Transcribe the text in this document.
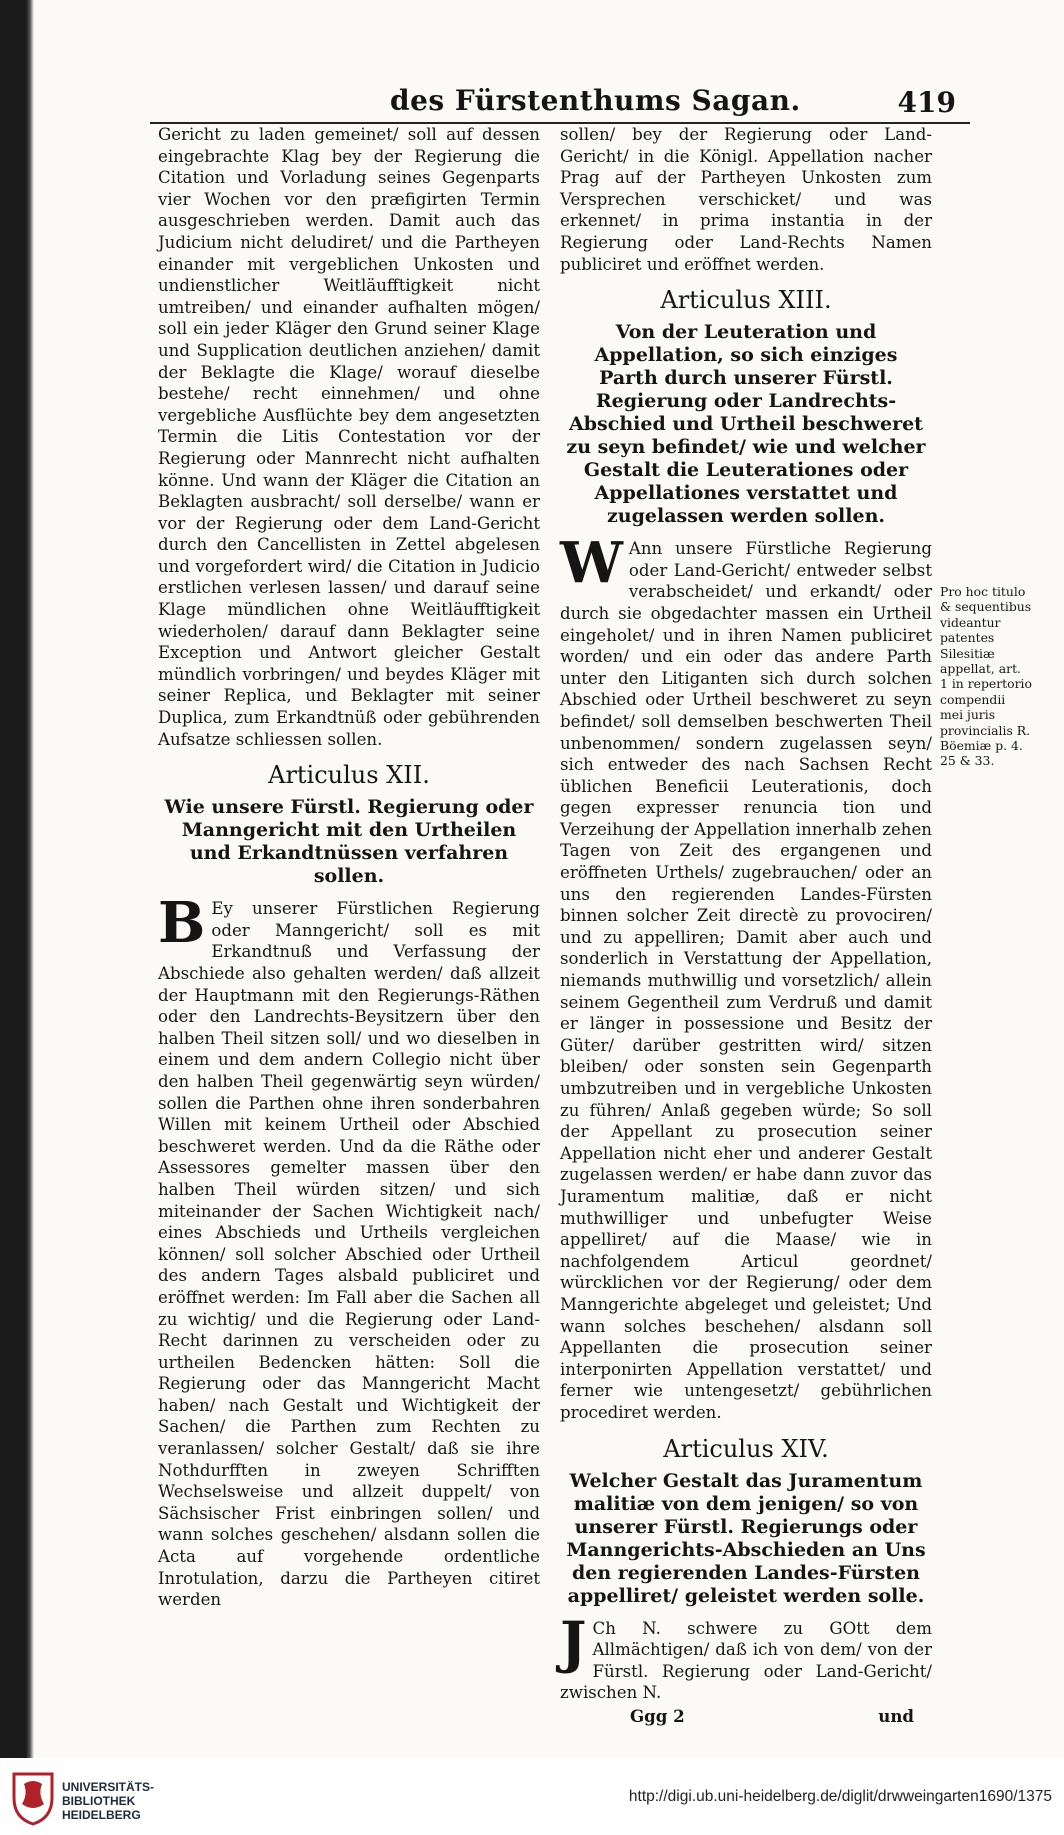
des Fürstenthums Sagan.	419

Gericht zu laden gemeinet/ soll auf dessen eingebrachte Klag bey der Regierung die Citation und Vorladung seines Gegenparts vier Wochen vor den præfigirten Termin ausgeschrieben werden. Damit auch das Judicium nicht deludiret/ und die Partheyen einander mit vergeblichen Unkosten und undienstlicher Weitläufftigkeit nicht umtreiben/ und einander aufhalten mögen/ soll ein jeder Kläger den Grund seiner Klage und Supplication deutlichen anziehen/ damit der Beklagte die Klage/ worauf dieselbe bestehe/ recht einnehmen/ und ohne vergebliche Ausflüchte bey dem angesetzten Termin die Litis Contestation vor der Regierung oder Mannrecht nicht aufhalten könne. Und wann der Kläger die Citation an Beklagten ausbracht/ soll derselbe/ wann er vor der Regierung oder dem Land-Gericht durch den Cancellisten in Zettel abgelesen und vorgefordert wird/ die Citation in Judicio erstlichen verlesen lassen/ und darauf seine Klage mündlichen ohne Weitläufftigkeit wiederholen/ darauf dann Beklagter seine Exception und Antwort gleicher Gestalt mündlich vorbringen/ und beydes Kläger mit seiner Replica, und Beklagter mit seiner Duplica, zum Erkandtnüß oder gebührenden Aufsatze schliessen sollen.

Articulus XII.
Wie unsere Fürstl. Regierung oder Manngericht mit den Urtheilen und Erkandtnüssen verfahren sollen.

B Ey unserer Fürstlichen Regierung oder Manngericht/ soll es mit Erkandtnuß und Verfassung der Abschiede also gehalten werden/ daß allzeit der Hauptmann mit den Regierungs-Räthen oder den Landrechts-Beysitzern über den halben Theil sitzen soll/ und wo dieselben in einem und dem andern Collegio nicht über den halben Theil gegenwärtig seyn würden/ sollen die Parthen ohne ihren sonderbahren Willen mit keinem Urtheil oder Abschied beschweret werden. Und da die Räthe oder Assessores gemelter massen über den halben Theil würden sitzen/ und sich miteinander der Sachen Wichtigkeit nach/ eines Abschieds und Urtheils vergleichen können/ soll solcher Abschied oder Urtheil des andern Tages alsbald publiciret und eröffnet werden: Im Fall aber die Sachen all zu wichtig/ und die Regierung oder Land-Recht darinnen zu verscheiden oder zu urtheilen Bedencken hätten: Soll die Regierung oder das Manngericht Macht haben/ nach Gestalt und Wichtigkeit der Sachen/ die Parthen zum Rechten zu veranlassen/ solcher Gestalt/ daß sie ihre Nothdurfften in zweyen Schrifften Wechselsweise und allzeit duppelt/ von Sächsischer Frist einbringen sollen/ und wann solches geschehen/ alsdann sollen die Acta auf vorgehende ordentliche Inrotulation, darzu die Partheyen citiret werden

sollen/ bey der Regierung oder Land-Gericht/ in die Königl. Appellation nacher Prag auf der Partheyen Unkosten zum Versprechen verschicket/ und was erkennet/ in prima instantia in der Regierung oder Land-Rechts Namen publiciret und eröffnet werden.

Articulus XIII.
Von der Leuteration und Appellation, so sich einziges Parth durch unserer Fürstl. Regierung oder Landrechts-Abschied und Urtheil beschweret zu seyn befindet/ wie und welcher Gestalt die Leuterationes oder Appellationes verstattet und zugelassen werden sollen.

W Ann unsere Fürstliche Regierung oder Land-Gericht/ entweder selbst verabscheidet/ und erkandt/ oder durch sie obgedachter massen ein Urtheil eingeholet/ und in ihren Namen publiciret worden/ und ein oder das andere Parth unter den Litiganten sich durch solchen Abschied oder Urtheil beschweret zu seyn befindet/ soll demselben beschwerten Theil unbenommen/ sondern zugelassen seyn/ sich entweder des nach Sachsen Recht üblichen Beneficii Leuterationis, doch gegen expresser renuncia tion und Verzeihung der Appellation innerhalb zehen Tagen von Zeit des ergangenen und eröffneten Urthels/ zugebrauchen/ oder an uns den regierenden Landes-Fürsten binnen solcher Zeit directè zu provociren/ und zu appelliren; Damit aber auch und sonderlich in Verstattung der Appellation, niemands muthwillig und vorsetzlich/ allein seinem Gegentheil zum Verdruß und damit er länger in possessione und Besitz der Güter/ darüber gestritten wird/ sitzen bleiben/ oder sonsten sein Gegenparth umbzutreiben und in vergebliche Unkosten zu führen/ Anlaß gegeben würde; So soll der Appellant zu prosecution seiner Appellation nicht eher und anderer Gestalt zugelassen werden/ er habe dann zuvor das Juramentum malitiæ, daß er nicht muthwilliger und unbefugter Weise appelliret/ auf die Maase/ wie in nachfolgendem Articul geordnet/ würcklichen vor der Regierung/ oder dem Manngerichte abgeleget und geleistet; Und wann solches beschehen/ alsdann soll Appellanten die prosecution seiner interponirten Appellation verstattet/ und ferner wie untengesetzt/ gebührlichen procediret werden.

Articulus XIV.
Welcher Gestalt das Juramentum malitiæ von dem jenigen/ so von unserer Fürstl. Regierungs oder Manngerichts-Abschieden an Uns den regierenden Landes-Fürsten appelliret/ geleistet werden solle.

J Ch N. schwere zu GOtt dem Allmächtigen/ daß ich von dem/ von der Fürstl. Regierung oder Land-Gericht/ zwischen N.

Ggg 2	und
Pro hoc titulo & sequentibus videantur patentes Silesitiæ appellat, art. 1 in repertorio compendii mei juris provincialis R. Böemiæ p. 4. 25 & 33.
UNIVERSITÄTS-
BIBLIOTHEK
HEIDELBERG
http://digi.ub.uni-heidelberg.de/diglit/drwweingarten1690/1375
